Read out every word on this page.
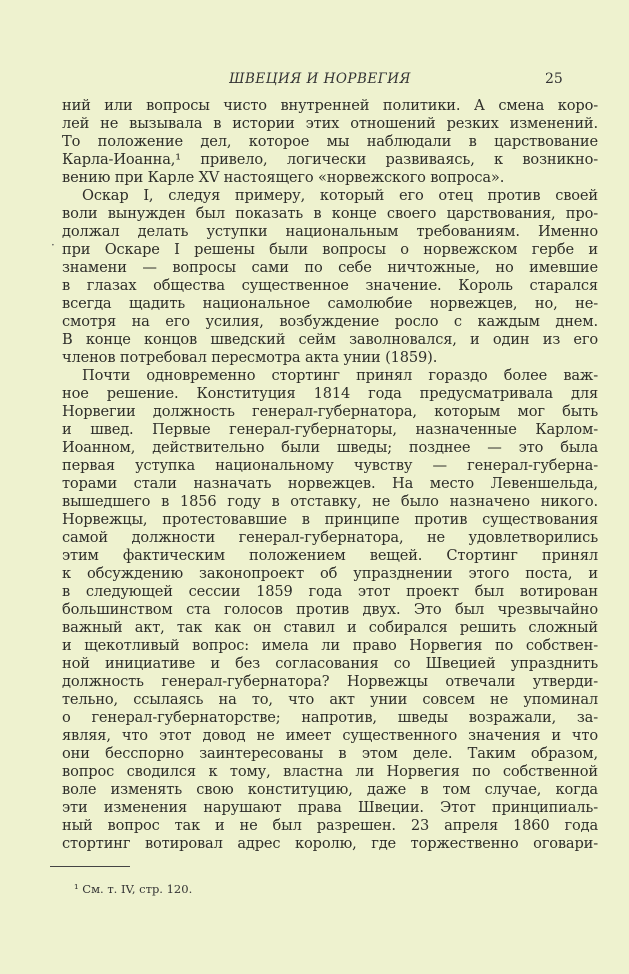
ШВЕЦИЯ И НОРВЕГИЯ	25
·
ний или вопросы чисто внутренней политики. А смена коро-
лей не вызывала в истории этих отношений резких изменений.
То положение дел, которое мы наблюдали в царствование
Карла-Иоанна,¹ привело, логически развиваясь, к возникно-
вению при Карле XV настоящего «норвежского вопроса».
Оскар I, следуя примеру, который его отец против своей
воли вынужден был показать в конце своего царствования, про-
должал делать уступки национальным требованиям. Именно
при Оскаре I решены были вопросы о норвежском гербе и
знамени — вопросы сами по себе ничтожные, но имевшие
в глазах общества существенное значение. Король старался
всегда щадить национальное самолюбие норвежцев, но, не-
смотря на его усилия, возбуждение росло с каждым днем.
В конце концов шведский сейм заволновался, и один из его
членов потребовал пересмотра акта унии (1859).
Почти одновременно стортинг принял гораздо более важ-
ное решение. Конституция 1814 года предусматривала для
Норвегии должность генерал-губернатора, которым мог быть
и швед. Первые генерал-губернаторы, назначенные Карлом-
Иоанном, действительно были шведы; позднее — это была
первая уступка национальному чувству — генерал-губерна-
торами стали назначать норвежцев. На место Левеншельда,
вышедшего в 1856 году в отставку, не было назначено никого.
Норвежцы, протестовавшие в принципе против существования
самой должности генерал-губернатора, не удовлетворились
этим фактическим положением вещей. Стортинг принял
к обсуждению законопроект об упразднении этого поста, и
в следующей сессии 1859 года этот проект был вотирован
большинством ста голосов против двух. Это был чрезвычайно
важный акт, так как он ставил и собирался решить сложный
и щекотливый вопрос: имела ли право Норвегия по собствен-
ной инициативе и без согласования со Швецией упразднить
должность генерал-губернатора? Норвежцы отвечали утверди-
тельно, ссылаясь на то, что акт унии совсем не упоминал
о генерал-губернаторстве; напротив, шведы возражали, за-
являя, что этот довод не имеет существенного значения и что
они бесспорно заинтересованы в этом деле. Таким образом,
вопрос сводился к тому, властна ли Норвегия по собственной
воле изменять свою конституцию, даже в том случае, когда
эти изменения нарушают права Швеции. Этот принципиаль-
ный вопрос так и не был разрешен. 23 апреля 1860 года
стортинг вотировал адрес королю, где торжественно оговари-
¹ См. т. IV, стр. 120.
